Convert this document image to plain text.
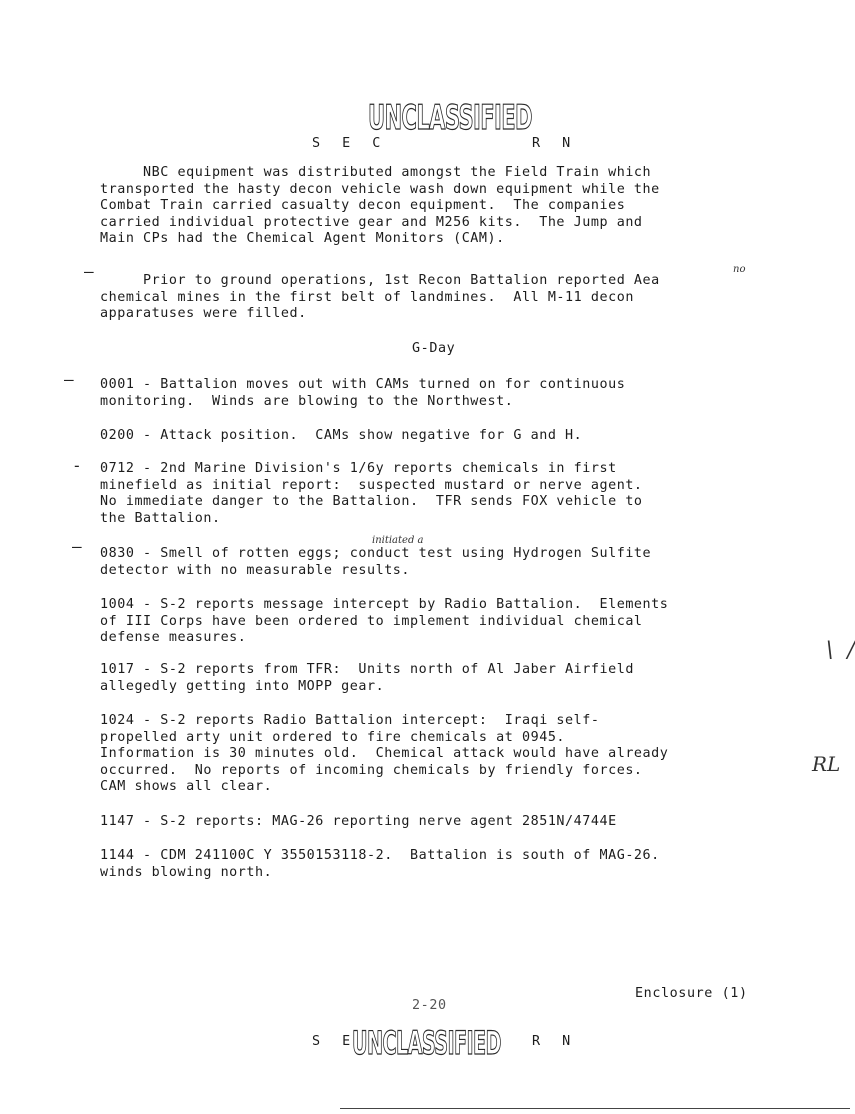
S E C
UNCLASSIFIED
R N
NBC equipment was distributed amongst the Field Train which
transported the hasty decon vehicle wash down equipment while the
Combat Train carried casualty decon equipment.  The companies
carried individual protective gear and M256 kits.  The Jump and
Main CPs had the Chemical Agent Monitors (CAM).
—	no
Prior to ground operations, 1st Recon Battalion reported Aea
chemical mines in the first belt of landmines.  All M-11 decon
apparatuses were filled.
G-Day
— 0001 - Battalion moves out with CAMs turned on for continuous
monitoring.  Winds are blowing to the Northwest.
0200 - Attack position.  CAMs show negative for G and H.
- 0712 - 2nd Marine Division's 1/6y reports chemicals in first
minefield as initial report:  suspected mustard or nerve agent.
No immediate danger to the Battalion.  TFR sends FOX vehicle to
the Battalion.
—	initiated a
0830 - Smell of rotten eggs; conduct test using Hydrogen Sulfite
detector with no measurable results.
1004 - S-2 reports message intercept by Radio Battalion.  Elements
of III Corps have been ordered to implement individual chemical
defense measures.
1017 - S-2 reports from TFR:  Units north of Al Jaber Airfield
allegedly getting into MOPP gear.
1024 - S-2 reports Radio Battalion intercept:  Iraqi self-
propelled arty unit ordered to fire chemicals at 0945.
Information is 30 minutes old.  Chemical attack would have already
occurred.  No reports of incoming chemicals by friendly forces.
CAM shows all clear.
1147 - S-2 reports: MAG-26 reporting nerve agent 2851N/4744E
1144 - CDM 241100C Y 3550153118-2.  Battalion is south of MAG-26.
winds blowing north.
\  /
RL
Enclosure (1)
2-20
S E
UNCLASSIFIED R N
